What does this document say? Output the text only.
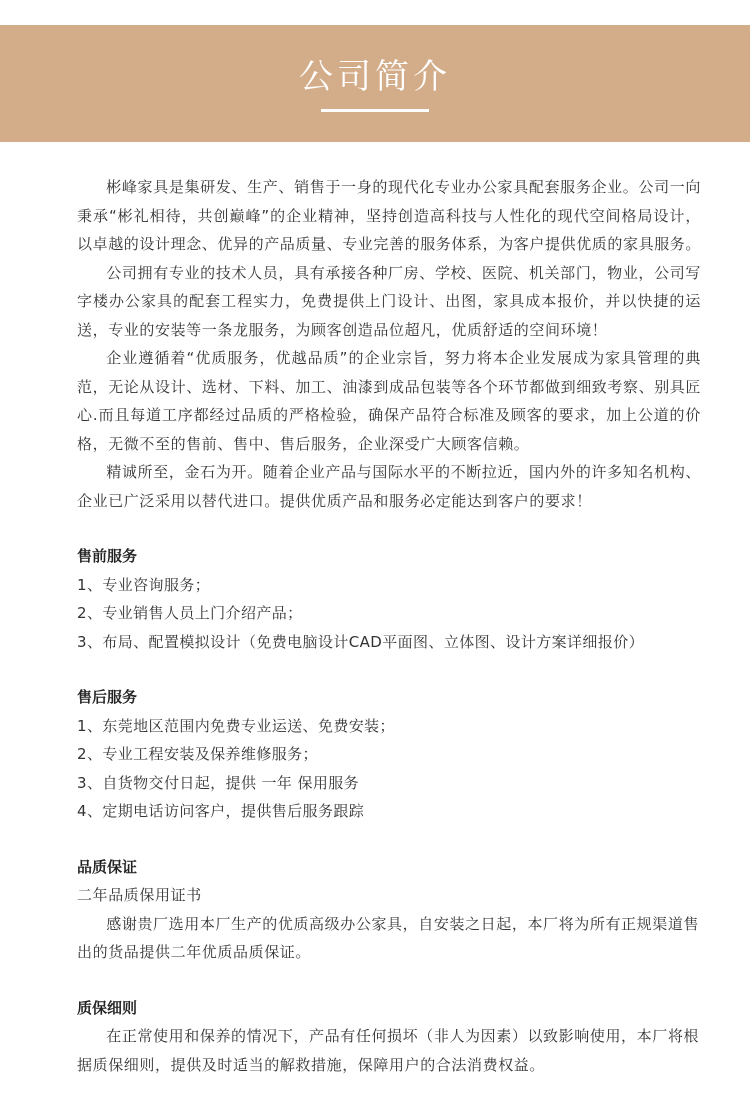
公司简介

彬峰家具是集研发、生产、销售于一身的现代化专业办公家具配套服务企业。公司一向秉承“彬礼相待，共创巅峰”的企业精神，坚持创造高科技与人性化的现代空间格局设计，以卓越的设计理念、优异的产品质量、专业完善的服务体系，为客户提供优质的家具服务。

公司拥有专业的技术人员，具有承接各种厂房、学校、医院、机关部门，物业，公司写字楼办公家具的配套工程实力，免费提供上门设计、出图，家具成本报价，并以快捷的运送，专业的安装等一条龙服务，为顾客创造品位超凡，优质舒适的空间环境！

企业遵循着“优质服务，优越品质”的企业宗旨，努力将本企业发展成为家具管理的典范，无论从设计、选材、下料、加工、油漆到成品包装等各个环节都做到细致考察、别具匠心.而且每道工序都经过品质的严格检验，确保产品符合标准及顾客的要求，加上公道的价格，无微不至的售前、售中、售后服务，企业深受广大顾客信赖。

精诚所至，金石为开。随着企业产品与国际水平的不断拉近，国内外的许多知名机构、企业已广泛采用以替代进口。提供优质产品和服务必定能达到客户的要求！

售前服务
1、专业咨询服务；
2、专业销售人员上门介绍产品；
3、布局、配置模拟设计（免费电脑设计CAD平面图、立体图、设计方案详细报价）
售后服务
1、东莞地区范围内免费专业运送、免费安装；
2、专业工程安装及保养维修服务；
3、自货物交付日起，提供 一年 保用服务
4、定期电话访问客户，提供售后服务跟踪
品质保证

二年品质保用证书

感谢贵厂选用本厂生产的优质高级办公家具，自安装之日起，本厂将为所有正规渠道售出的货品提供二年优质品质保证。

质保细则

在正常使用和保养的情况下，产品有任何损坏（非人为因素）以致影响使用，本厂将根据质保细则，提供及时适当的解救措施，保障用户的合法消费权益。
